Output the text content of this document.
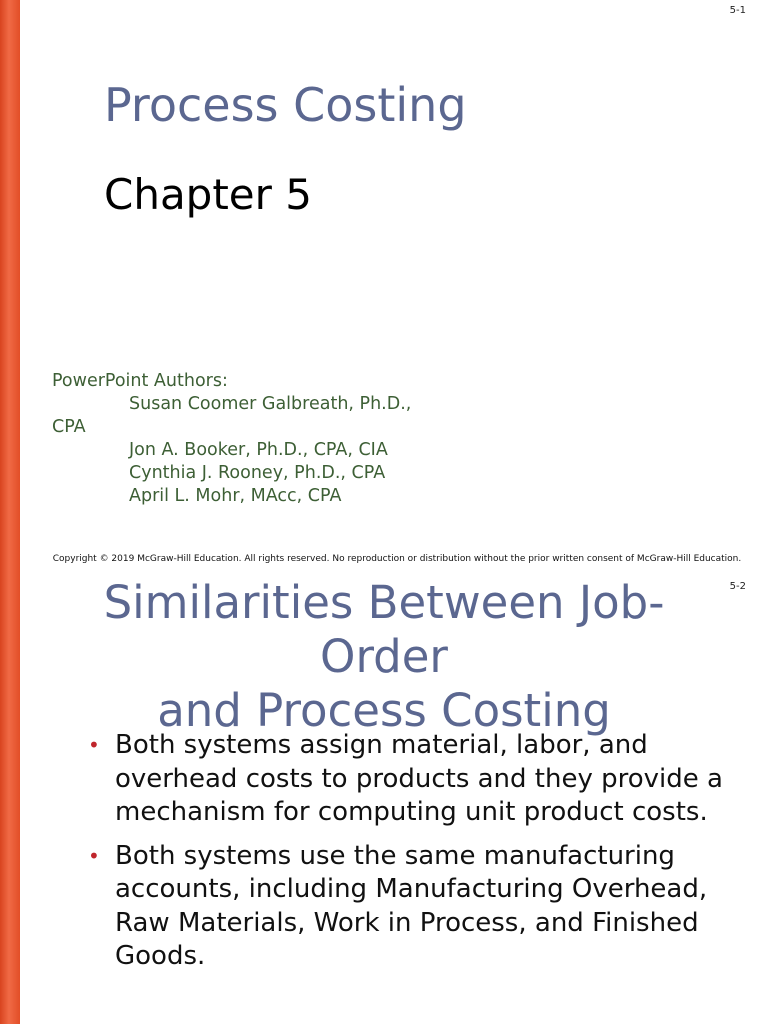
5-1
Process Costing
Chapter 5
PowerPoint Authors:
Susan Coomer Galbreath, Ph.D.,
CPA
Jon A. Booker, Ph.D., CPA, CIA
Cynthia J. Rooney, Ph.D., CPA
April L. Mohr, MAcc, CPA
Copyright © 2019 McGraw-Hill Education. All rights reserved. No reproduction or distribution without the prior written consent of McGraw-Hill Education.
5-2
Similarities Between Job-
Order
and Process Costing
• Both systems assign material, labor, and overhead costs to products and they provide a mechanism for computing unit product costs.
• Both systems use the same manufacturing accounts, including Manufacturing Overhead, Raw Materials, Work in Process, and Finished Goods.
